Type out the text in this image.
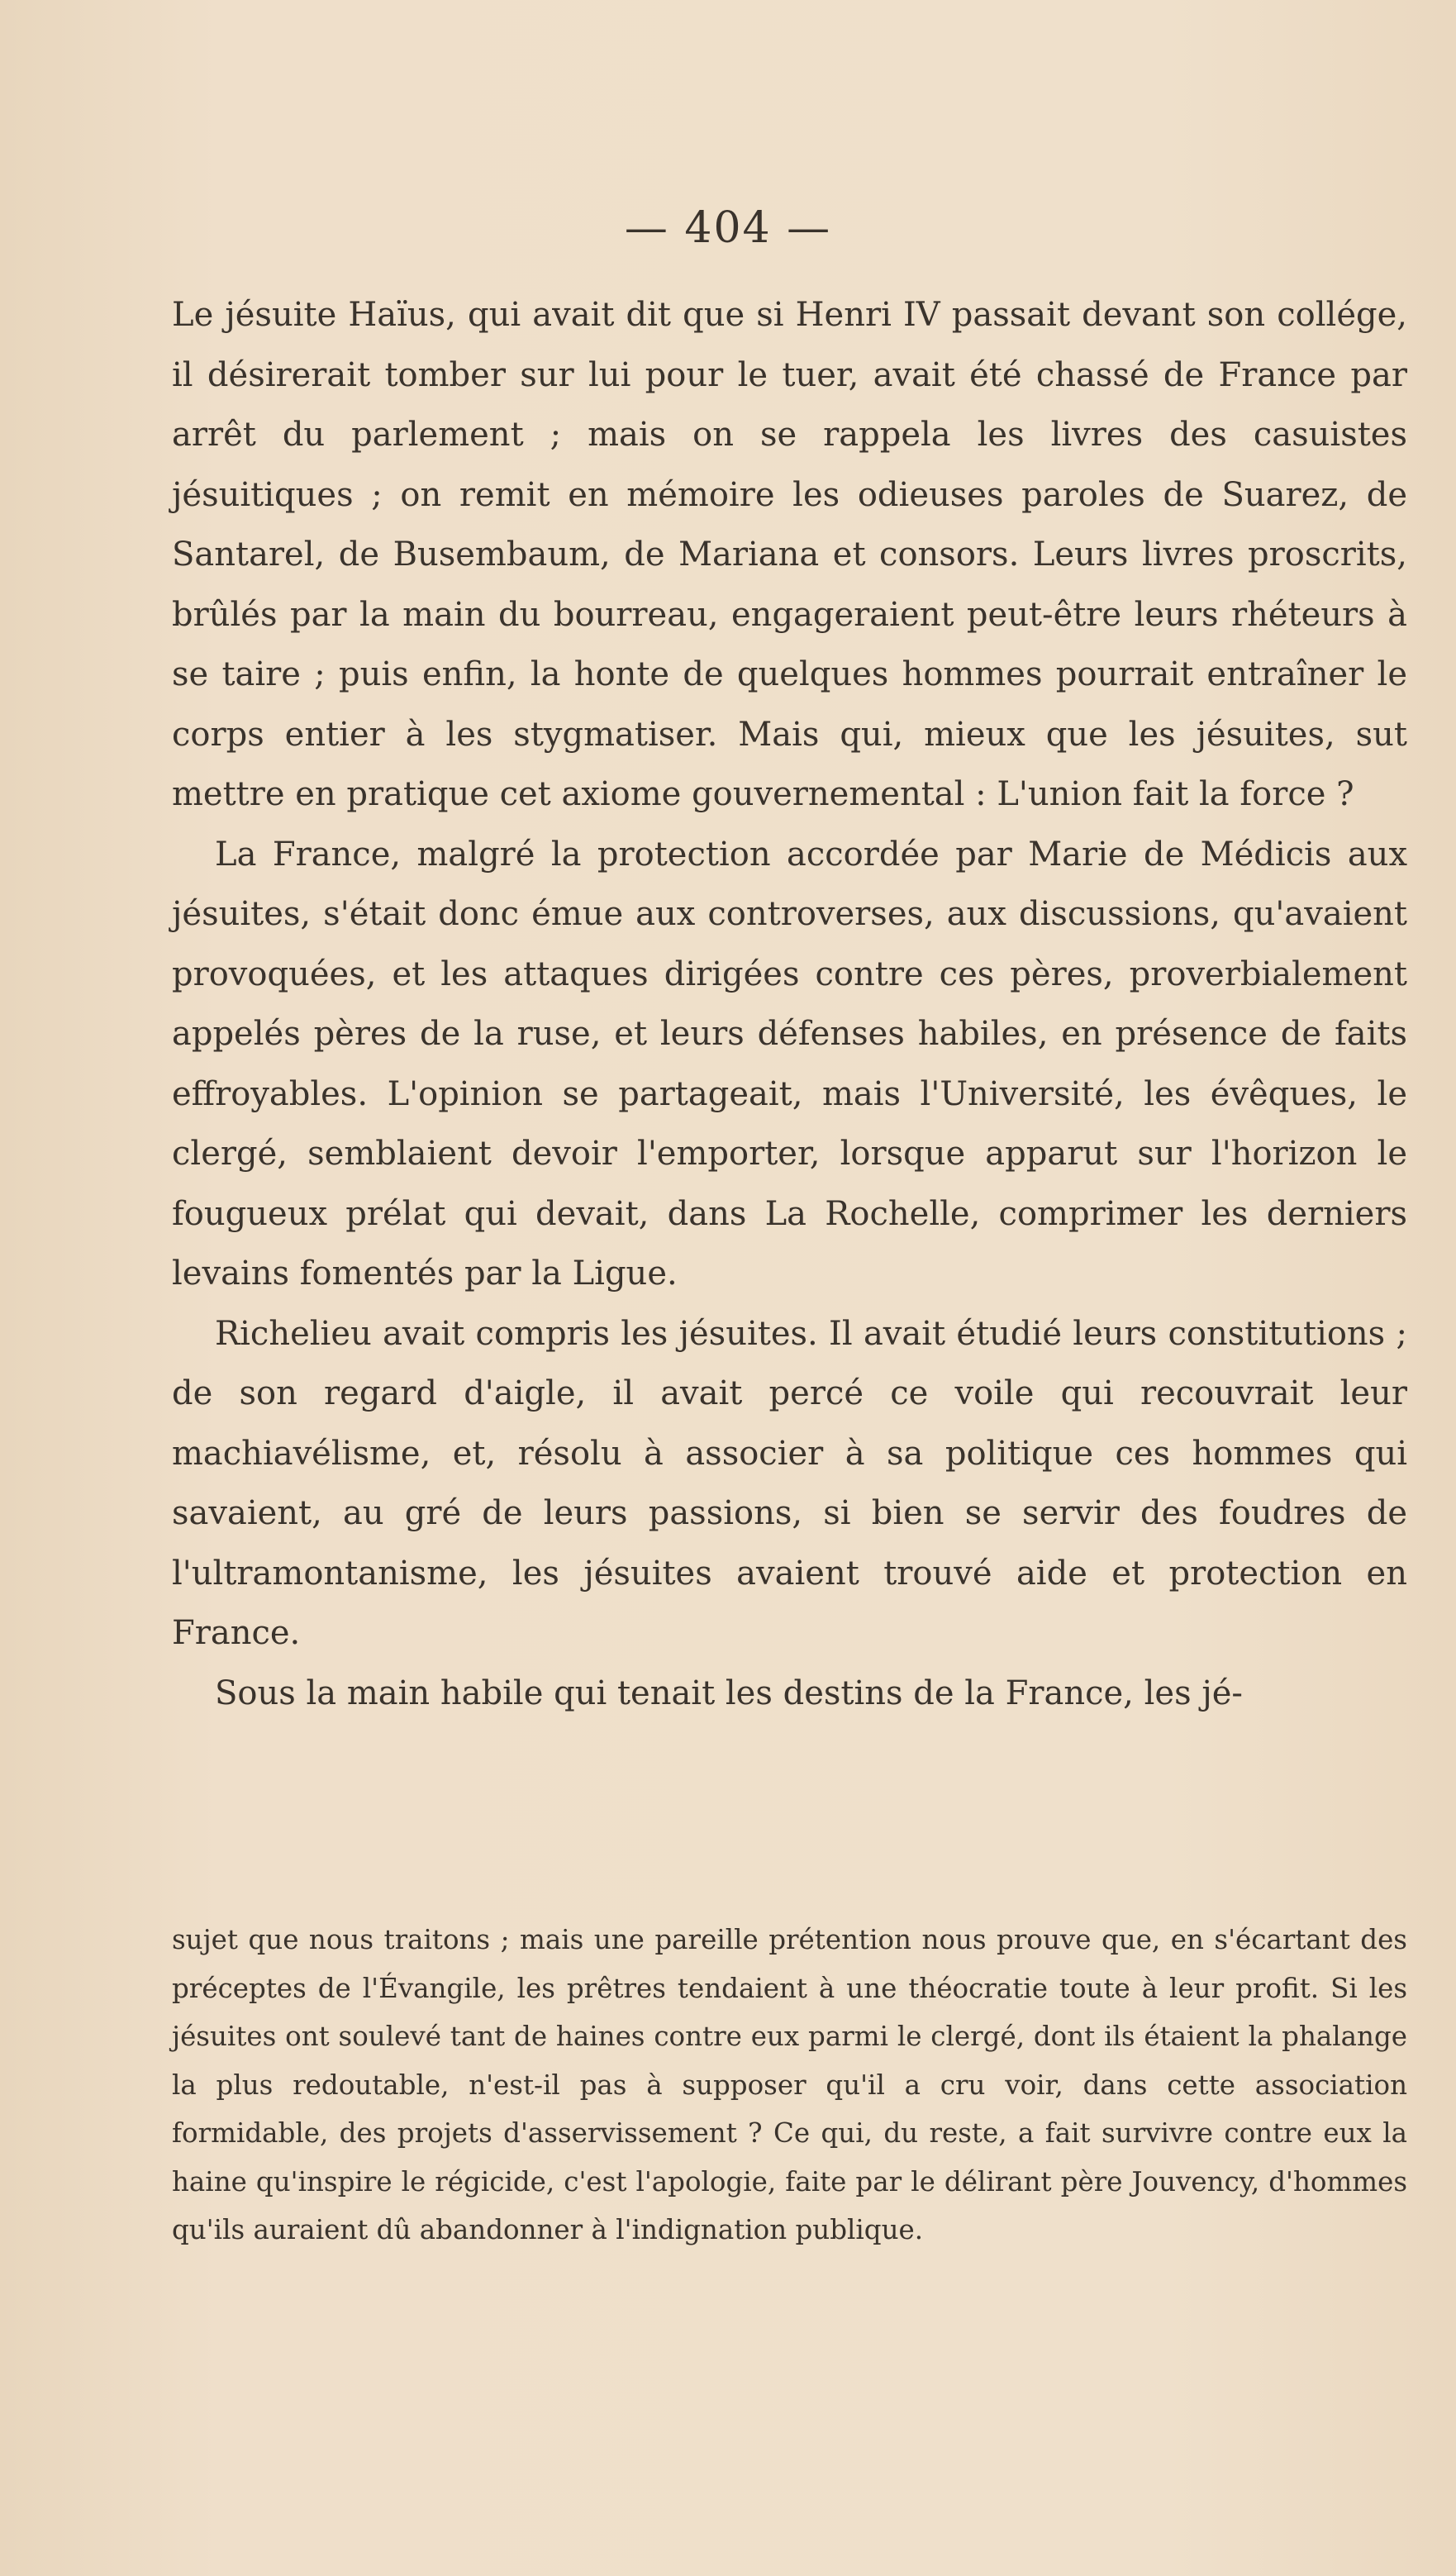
— 404 —

Le jésuite Haïus, qui avait dit que si Henri IV passait devant son collége, il désirerait tomber sur lui pour le tuer, avait été chassé de France par arrêt du parlement ; mais on se rappela les livres des casuistes jésuitiques ; on remit en mémoire les odieuses paroles de Suarez, de Santarel, de Busembaum, de Mariana et consors. Leurs livres proscrits, brûlés par la main du bourreau, engageraient peut-être leurs rhéteurs à se taire ; puis enfin, la honte de quelques hommes pourrait entraîner le corps entier à les stygmatiser. Mais qui, mieux que les jésuites, sut mettre en pratique cet axiome gouvernemental : L'union fait la force ?

La France, malgré la protection accordée par Marie de Médicis aux jésuites, s'était donc émue aux controverses, aux discussions, qu'avaient provoquées, et les attaques dirigées contre ces pères, proverbialement appelés pères de la ruse, et leurs défenses habiles, en présence de faits effroyables. L'opinion se partageait, mais l'Université, les évêques, le clergé, semblaient devoir l'emporter, lorsque apparut sur l'horizon le fougueux prélat qui devait, dans La Rochelle, comprimer les derniers levains fomentés par la Ligue.

Richelieu avait compris les jésuites. Il avait étudié leurs constitutions ; de son regard d'aigle, il avait percé ce voile qui recouvrait leur machiavélisme, et, résolu à associer à sa politique ces hommes qui savaient, au gré de leurs passions, si bien se servir des foudres de l'ultramontanisme, les jésuites avaient trouvé aide et protection en France.

Sous la main habile qui tenait les destins de la France, les jé-

sujet que nous traitons ; mais une pareille prétention nous prouve que, en s'écartant des préceptes de l'Évangile, les prêtres tendaient à une théocratie toute à leur profit. Si les jésuites ont soulevé tant de haines contre eux parmi le clergé, dont ils étaient la phalange la plus redoutable, n'est-il pas à supposer qu'il a cru voir, dans cette association formidable, des projets d'asservissement ? Ce qui, du reste, a fait survivre contre eux la haine qu'inspire le régicide, c'est l'apologie, faite par le délirant père Jouvency, d'hommes qu'ils auraient dû abandonner à l'indignation publique.
